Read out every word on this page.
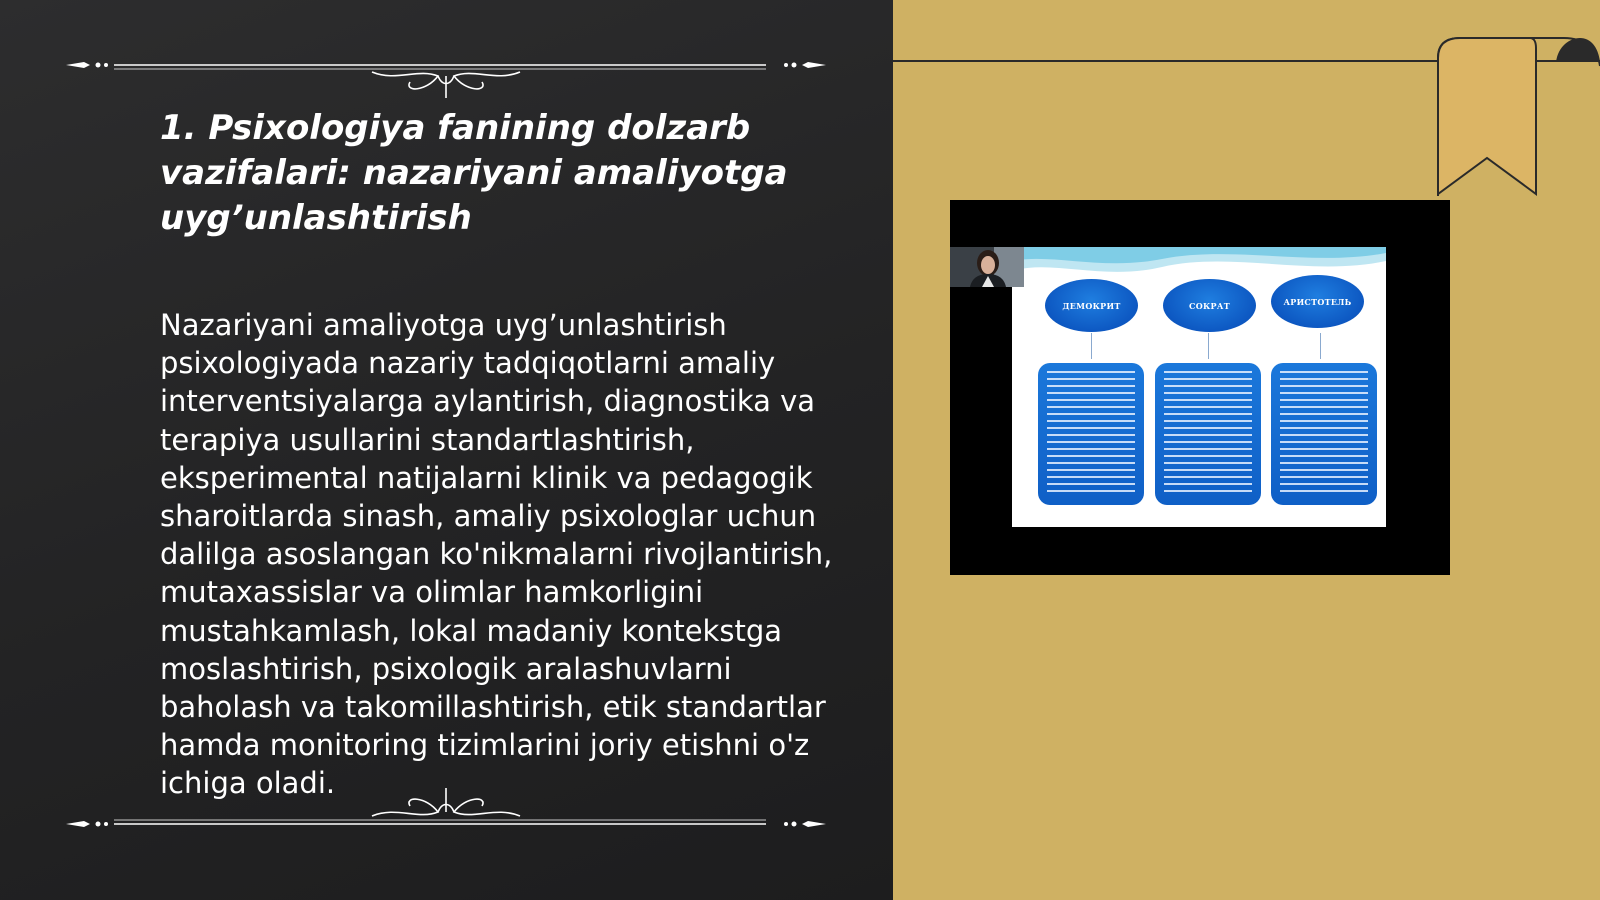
1. Psixologiya fanining dolzarb vazifalari: nazariyani amaliyotga uyg’unlashtirish

Nazariyani amaliyotga uyg’unlashtirish psixologiyada nazariy tadqiqotlarni amaliy interventsiyalarga aylantirish, diagnostika va terapiya usullarini standartlashtirish, eksperimental natijalarni klinik va pedagogik sharoitlarda sinash, amaliy psixologlar uchun dalilga asoslangan ko'nikmalarni rivojlantirish, mutaxassislar va olimlar hamkorligini mustahkamlash, lokal madaniy kontekstga moslashtirish, psixologik aralashuvlarni baholash va takomillashtirish, etik standartlar hamda monitoring tizimlarini joriy etishni o'z ichiga oladi.

ДЕМОКРИТ	СОКРАТ	АРИСТОТЕЛЬ
